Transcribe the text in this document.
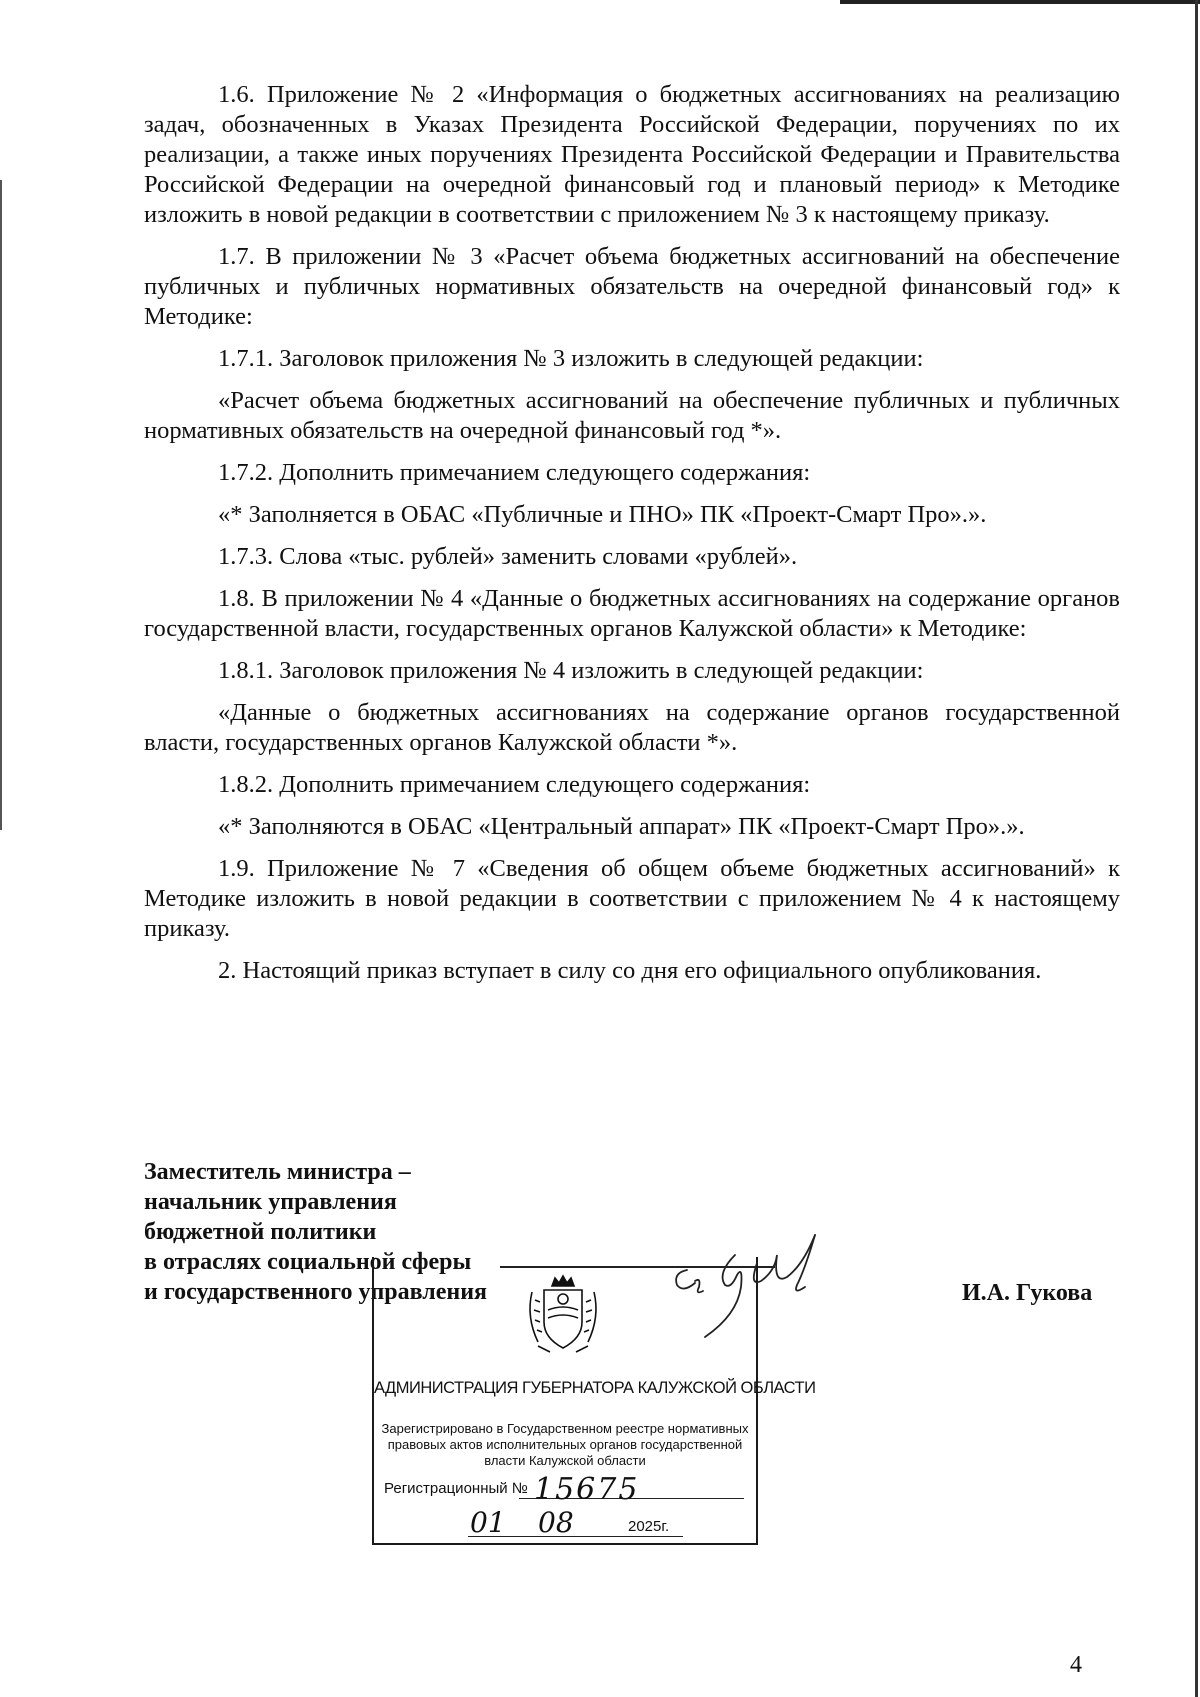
1.6. Приложение № 2 «Информация о бюджетных ассигнованиях на реализацию задач, обозначенных в Указах Президента Российской Федерации, поручениях по их реализации, а также иных поручениях Президента Российской Федерации и Правительства Российской Федерации на очередной финансовый год и плановый период» к Методике изложить в новой редакции в соответствии с приложением № 3 к настоящему приказу.

1.7. В приложении № 3 «Расчет объема бюджетных ассигнований на обеспечение публичных и публичных нормативных обязательств на очередной финансовый год» к Методике:

1.7.1. Заголовок приложения № 3 изложить в следующей редакции:

«Расчет объема бюджетных ассигнований на обеспечение публичных и публичных нормативных обязательств на очередной финансовый год *».

1.7.2. Дополнить примечанием следующего содержания:

«* Заполняется в ОБАС «Публичные и ПНО» ПК «Проект-Смарт Про».».

1.7.3. Слова «тыс. рублей» заменить словами «рублей».

1.8. В приложении № 4 «Данные о бюджетных ассигнованиях на содержание органов государственной власти, государственных органов Калужской области» к Методике:

1.8.1. Заголовок приложения № 4 изложить в следующей редакции:

«Данные о бюджетных ассигнованиях на содержание органов государственной власти, государственных органов Калужской области *».

1.8.2. Дополнить примечанием следующего содержания:

«* Заполняются в ОБАС «Центральный аппарат» ПК «Проект-Смарт Про».».

1.9. Приложение № 7 «Сведения об общем объеме бюджетных ассигнований» к Методике изложить в новой редакции в соответствии с приложением № 4 к настоящему приказу.

2. Настоящий приказ вступает в силу со дня его официального опубликования.

Заместитель министра –
начальник управления
бюджетной политики
в отраслях социальной сферы
и государственного управления
АДМИНИСТРАЦИЯ ГУБЕРНАТОРА КАЛУЖСКОЙ ОБЛАСТИ
Зарегистрировано в Государственном реестре нормативных правовых актов исполнительных органов государственной власти Калужской области
Регистрационный № 15675
01 08	2025г.
И.А. Гукова
4
